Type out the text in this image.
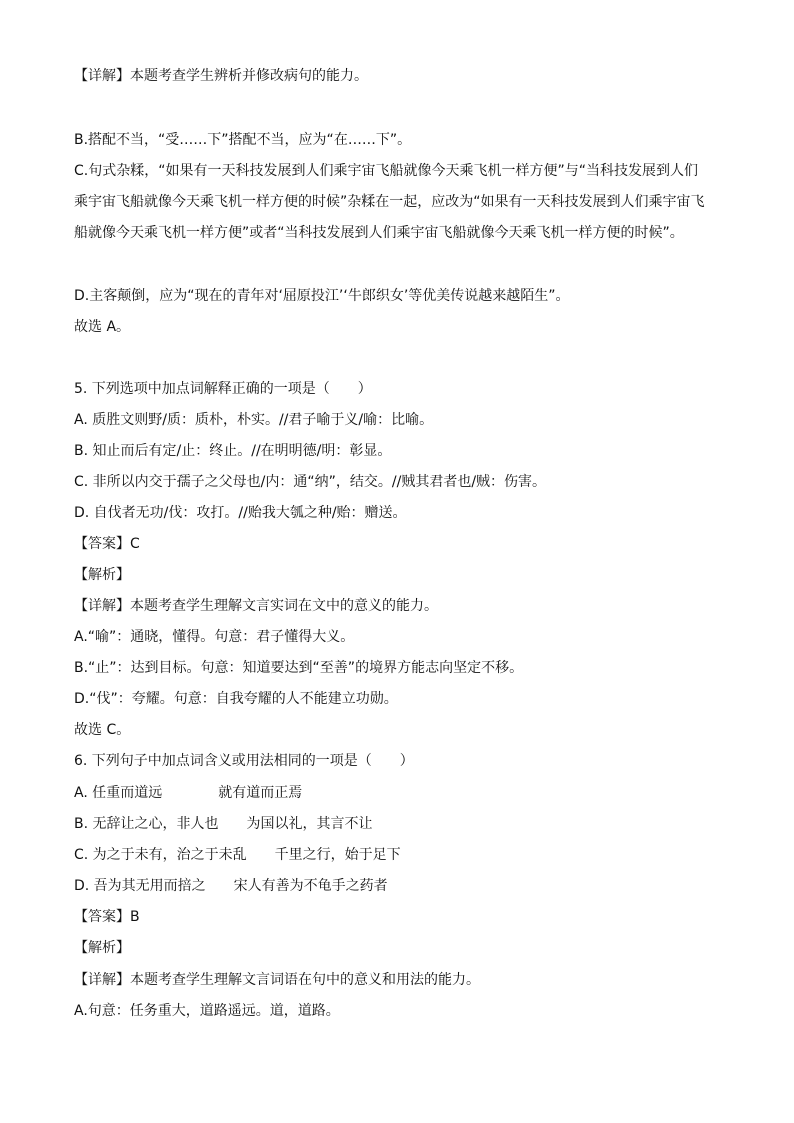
【详解】本题考查学生辨析并修改病句的能力。
B.搭配不当，“受……下”搭配不当，应为“在……下”。
C.句式杂糅，“如果有一天科技发展到人们乘宇宙飞船就像今天乘飞机一样方便”与“当科技发展到人们
乘宇宙飞船就像今天乘飞机一样方便的时候”杂糅在一起，应改为“如果有一天科技发展到人们乘宇宙飞
船就像今天乘飞机一样方便”或者“当科技发展到人们乘宇宙飞船就像今天乘飞机一样方便的时候”。
D.主客颠倒，应为“现在的青年对‘屈原投江’‘牛郎织女’等优美传说越来越陌生”。
故选 A。
5. 下列选项中加点词解释正确的一项是（　　）
A. 质胜文则野/质：质朴，朴实。//君子喻于义/喻：比喻。
B. 知止而后有定/止：终止。//在明明德/明：彰显。
C. 非所以内交于孺子之父母也/内：通“纳”，结交。//贼其君者也/贼：伤害。
D. 自伐者无功/伐：攻打。//贻我大瓠之种/贻：赠送。
【答案】C
【解析】
【详解】本题考查学生理解文言实词在文中的意义的能力。
A.“喻”：通晓，懂得。句意：君子懂得大义。
B.“止”：达到目标。句意：知道要达到“至善”的境界方能志向坚定不移。
D.“伐”：夸耀。句意：自我夸耀的人不能建立功勋。
故选 C。
6. 下列句子中加点词含义或用法相同的一项是（　　）
A. 任重而道远　　　　就有道而正焉
B. 无辞让之心，非人也　　为国以礼，其言不让
C. 为之于未有，治之于未乱　　千里之行，始于足下
D. 吾为其无用而掊之　　宋人有善为不龟手之药者
【答案】B
【解析】
【详解】本题考查学生理解文言词语在句中的意义和用法的能力。
A.句意：任务重大，道路遥远。道，道路。
